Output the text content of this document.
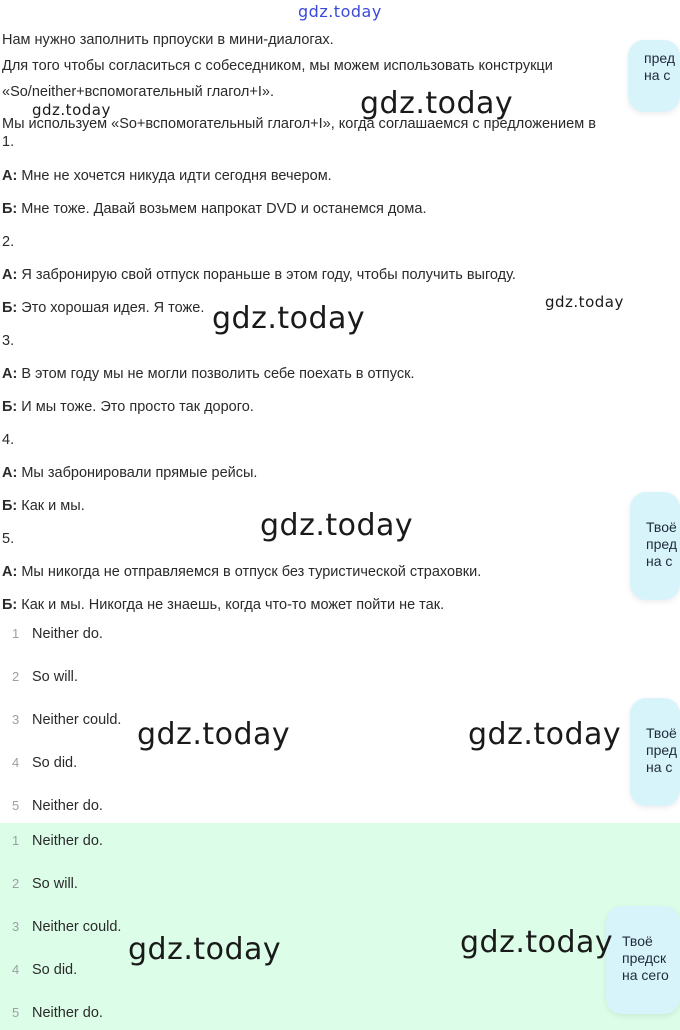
gdz.today
gdz.today
gdz.today
gdz.today
gdz.today
gdz.today
gdz.today	gdz.today
gdz.today	gdz.today
Нам нужно заполнить прпоуски в мини-диалогах.
Для того чтобы согласиться с собеседником, мы можем использовать конструкци
«So/neither+вспомогательный глагол+I».
Мы используем «So+вспомогательный глагол+I», когда соглашаемся с предложением в
1.
А: Мне не хочется никуда идти сегодня вечером.
Б: Мне тоже. Давай возьмем напрокат DVD и останемся дома.
2.
А: Я забронирую свой отпуск пораньше в этом году, чтобы получить выгоду.
Б: Это хорошая идея. Я тоже.
3.
А: В этом году мы не могли позволить себе поехать в отпуск.
Б: И мы тоже. Это просто так дорого.
4.
А: Мы забронировали прямые рейсы.
Б: Как и мы.
5.
А: Мы никогда не отправляемся в отпуск без туристической страховки.
Б: Как и мы. Никогда не знаешь, когда что-то может пойти не так.
1 Neither do.
2 So will.
3 Neither could.
4 So did.
5 Neither do.
1 Neither do.
2 So will.
3 Neither could.
4 So did.
5 Neither do.
пред
на с
Твоё
пред
на с
Твоё
пред
на с
Твоё
предск
на сего
